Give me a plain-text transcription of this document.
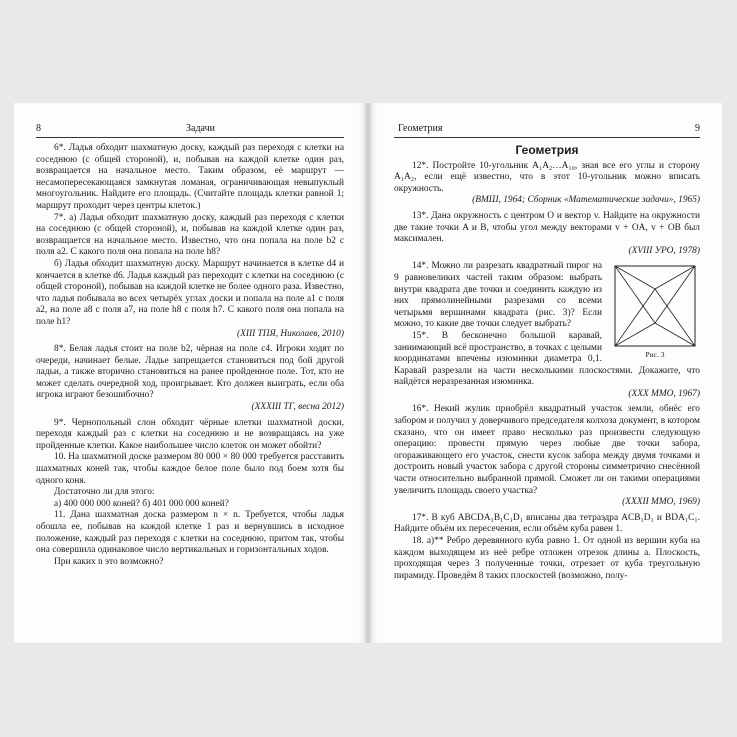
8	Задачи

6*. Ладья обходит шахматную доску, каждый раз переходя с клетки на соседнюю (с общей стороной), и, побывав на каждой клетке один раз, возвращается на начальное место. Таким образом, её маршрут — несамопересекающаяся замкнутая ломаная, ограничивающая невыпуклый многоугольник. Найдите его площадь. (Считайте площадь клетки равной 1; маршрут проходит через центры клеток.)

7*. а) Ладья обходит шахматную доску, каждый раз переходя с клетки на соседнюю (с общей стороной), и, побывав на каждой клетке один раз, возвращается на начальное место. Известно, что она попала на поле b2 с поля a2. С какого поля она попала на поле h8?

б) Ладья обходит шахматную доску. Маршрут начинается в клетке d4 и кончается в клетке d6. Ладья каждый раз переходит с клетки на соседнюю (с общей стороной), побывав на каждой клетке не более одного раза. Известно, что ладья побывала во всех четырёх углах доски и попала на поле a1 с поля a2, на поле a8 с поля a7, на поле h8 с поля h7. С какого поля она попала на поле h1?

(XIII ТПЯ, Николаев, 2010)

8*. Белая ладья стоит на поле b2, чёрная на поле c4. Игроки ходят по очереди, начинает белые. Ладье запрещается становиться под бой другой ладьи, а также вторично становиться на ранее пройденное поле. Тот, кто не может сделать очередной ход, проигрывает. Кто должен выиграть, если оба игрока играют безошибочно?

(XXXIII ТГ, весна 2012)

9*. Чернопольный слон обходит чёрные клетки шахматной доски, переходя каждый раз с клетки на соседнюю и не возвращаясь на уже пройденные клетки. Какое наибольшее число клеток он может обойти?

10. На шахматной доске размером 80 000 × 80 000 требуется расставить шахматных коней так, чтобы каждое белое поле было под боем хотя бы одного коня.

Достаточно ли для этого:

а) 400 000 000 коней? б) 401 000 000 коней?

11. Дана шахматная доска размером n × n. Требуется, чтобы ладья обошла ее, побывав на каждой клетке 1 раз и вернувшись в исходное положение, каждый раз переходя с клетки на соседнюю, притом так, чтобы она совершила одинаковое число вертикальных и горизонтальных ходов.

При каких n это возможно?

Геометрия	9
Геометрия

12*. Постройте 10-угольник A₁A₂…A₁₀, зная все его углы и сторону A₁A₂, если ещё известно, что в этот 10-угольник можно вписать окружность.

(ВМШ, 1964; Сборник «Математические задачи», 1965)

13*. Дана окружность с центром O и вектор v. Найдите на окружности две такие точки A и B, чтобы угол между векторами v + OA, v + OB был максимален.

(XVIII УРО, 1978)

Рис. 3

14*. Можно ли разрезать квадратный пирог на 9 равновеликих частей таким образом: выбрать внутри квадрата две точки и соединить каждую из них прямолинейными разрезами со всеми четырьмя вершинами квадрата (рис. 3)? Если можно, то какие две точки следует выбрать?

15*. В бесконечно большой каравай, заниимающий всё пространство, в точках с целыми координатами впечены изюминки диаметра 0,1. Каравай разрезали на части несколькими плоскостями. Докажите, что найдётся неразрезанная изюминка.

(XXX ММО, 1967)

16*. Некий жулик приобрёл квадратный участок земли, обнёс его забором и получил у доверчивого председателя колхоза документ, в котором сказано, что он имеет право несколько раз произвести следующую операцию: провести прямую через любые две точки забора, огораживающего его участок, снести кусок забора между двумя точками и достроить новый участок забора с другой стороны симметрично снесённой части относительно выбранной прямой. Сможет ли он такими операциями увеличить площадь своего участка?

(XXXII ММО, 1969)

17*. В куб ABCDA₁B₁C₁D₁ вписаны два тетраэдра ACB₁D₁ и BDA₁C₁. Найдите объём их пересечения, если объём куба равен 1.

18. а)** Ребро деревянного куба равно 1. От одной из вершин куба на каждом выходящем из неё ребре отложен отрезок длины a. Плоскость, проходящая через 3 полученные точки, отрезает от куба треугольную пирамиду. Проведём 8 таких плоскостей (возможно, полу-
